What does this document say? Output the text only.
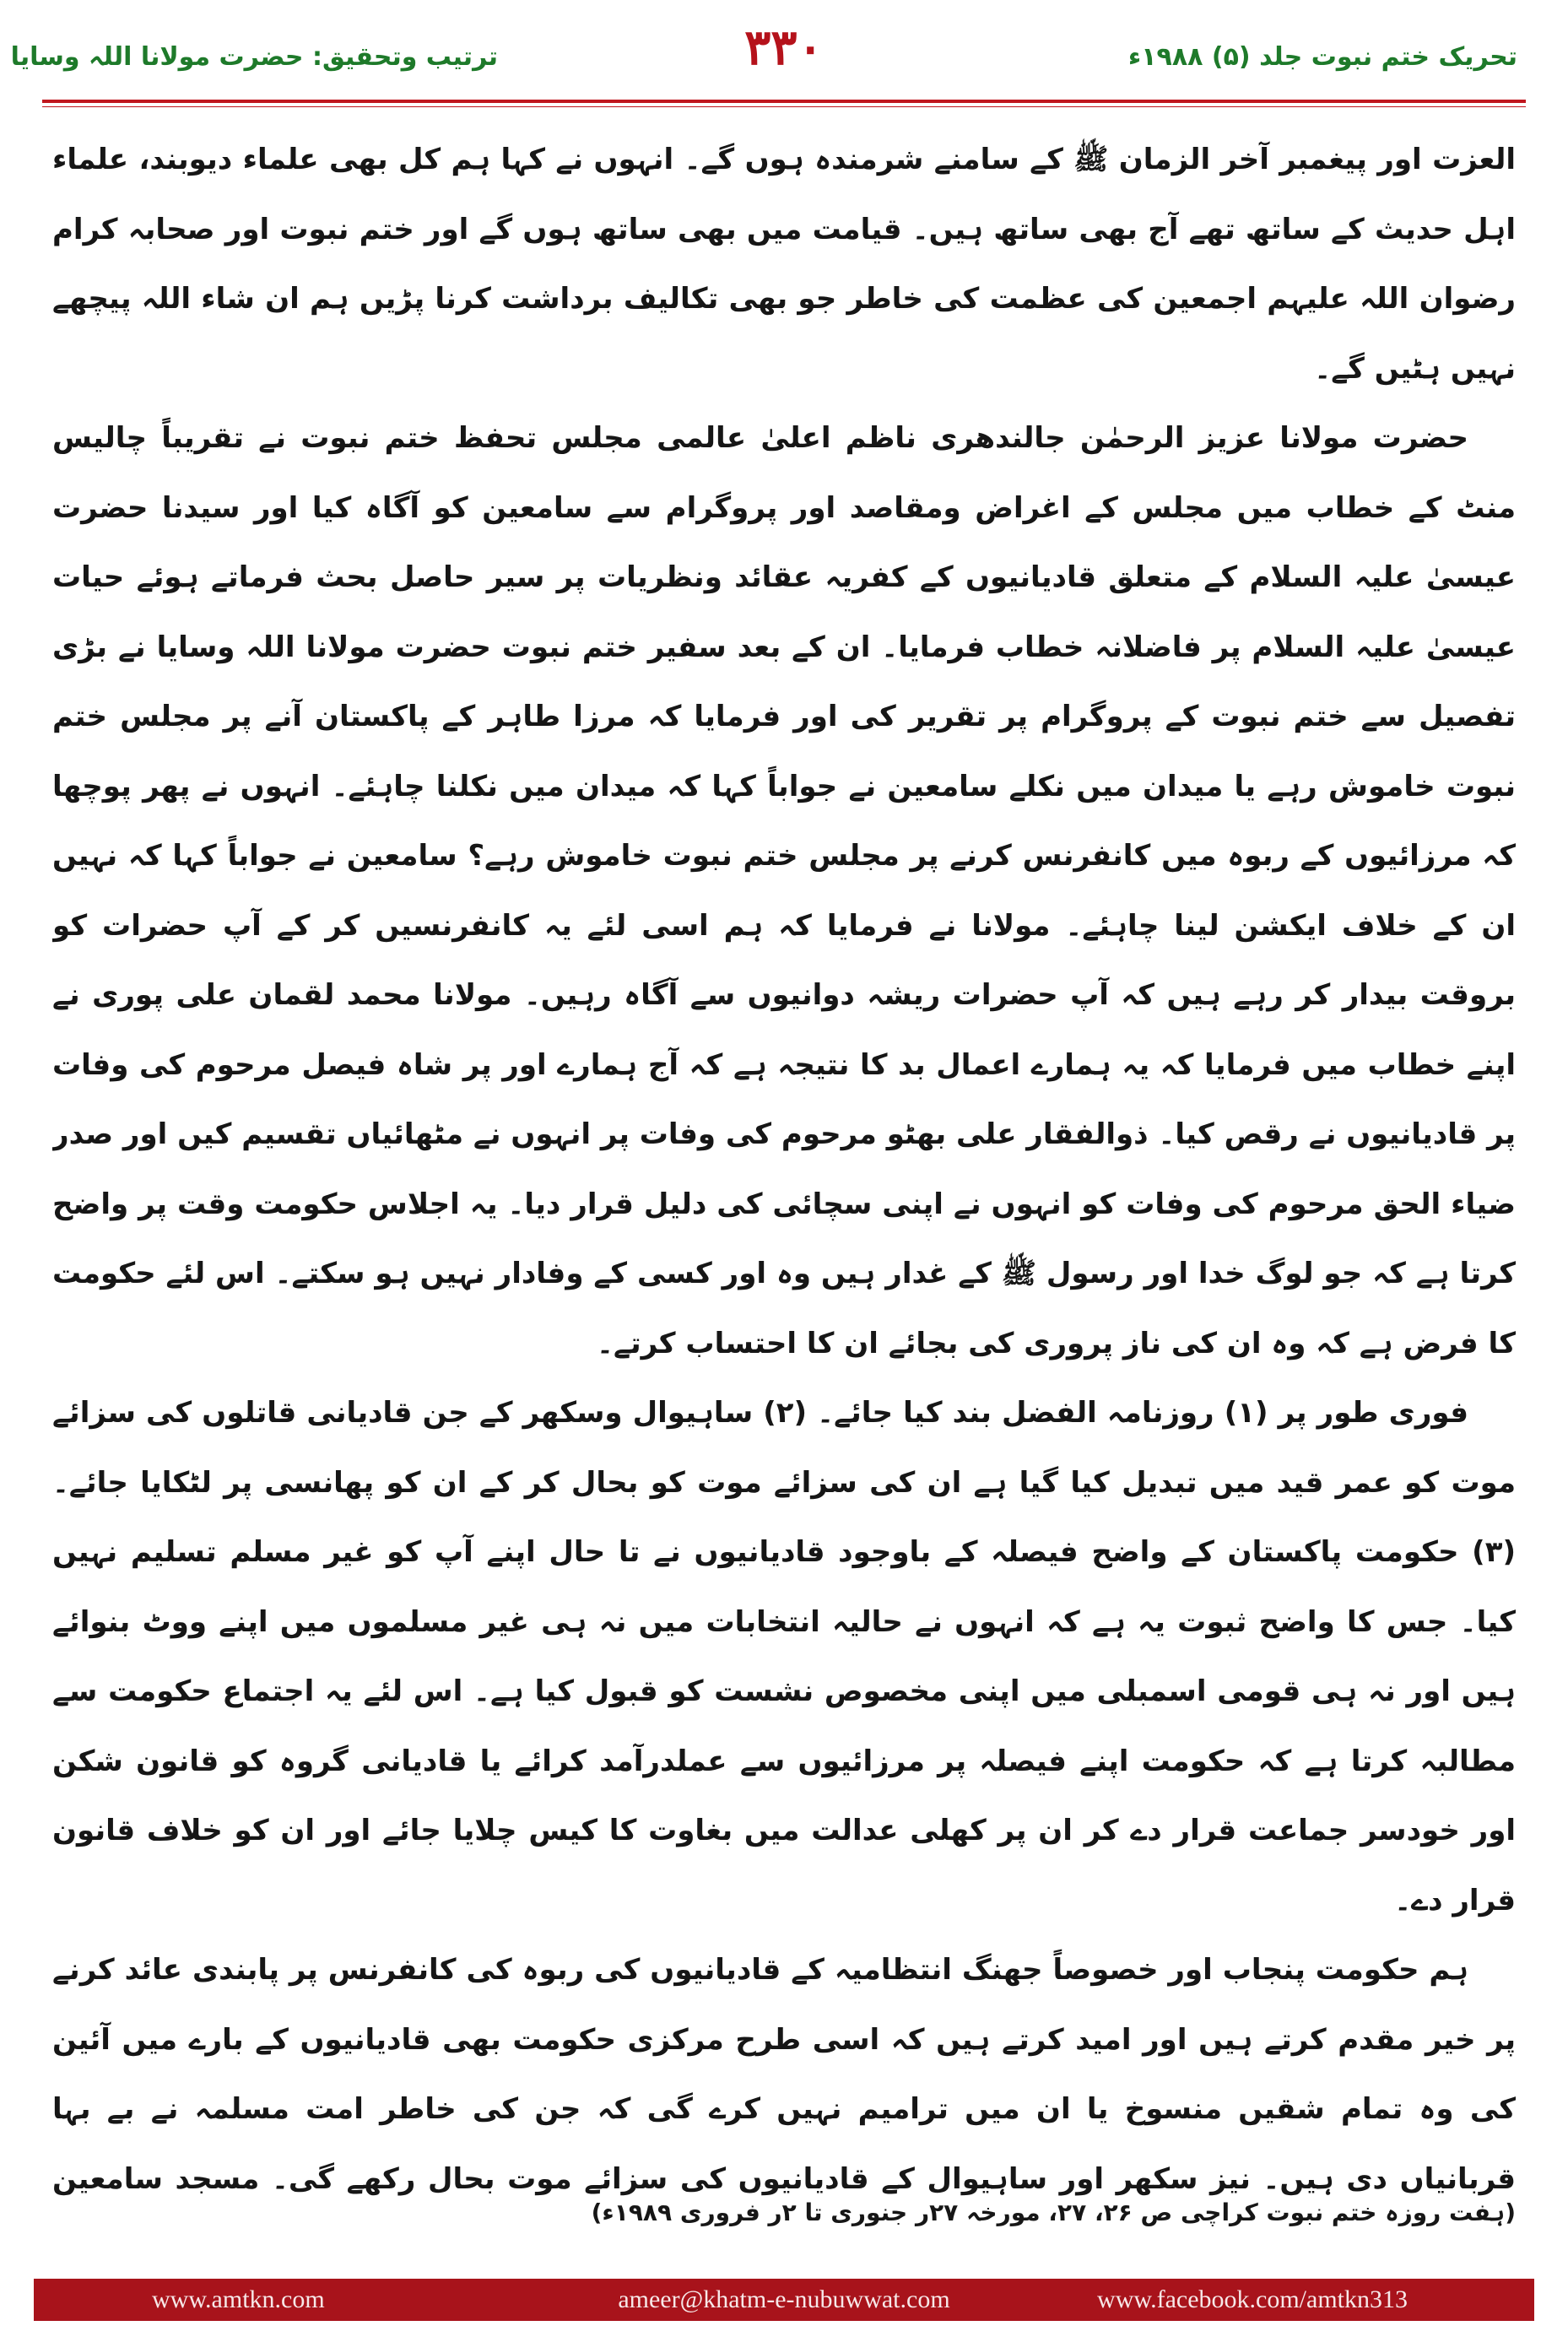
تحریک ختم نبوت جلد (۵) ۱۹۸۸ء
۳۳۰
ترتیب وتحقیق: حضرت مولانا اللہ وسایا

العزت اور پیغمبر آخر الزمان ﷺ کے سامنے شرمندہ ہوں گے۔ انہوں نے کہا ہم کل بھی علماء دیوبند، علماء اہل حدیث کے ساتھ تھے آج بھی ساتھ ہیں۔ قیامت میں بھی ساتھ ہوں گے اور ختم نبوت اور صحابہ کرام رضوان اللہ علیہم اجمعین کی عظمت کی خاطر جو بھی تکالیف برداشت کرنا پڑیں ہم ان شاء اللہ پیچھے نہیں ہٹیں گے۔

حضرت مولانا عزیز الرحمٰن جالندھری ناظم اعلیٰ عالمی مجلس تحفظ ختم نبوت نے تقریباً چالیس منٹ کے خطاب میں مجلس کے اغراض ومقاصد اور پروگرام سے سامعین کو آگاہ کیا اور سیدنا حضرت عیسیٰ علیہ السلام کے متعلق قادیانیوں کے کفریہ عقائد ونظریات پر سیر حاصل بحث فرماتے ہوئے حیات عیسیٰ علیہ السلام پر فاضلانہ خطاب فرمایا۔ ان کے بعد سفیر ختم نبوت حضرت مولانا اللہ وسایا نے بڑی تفصیل سے ختم نبوت کے پروگرام پر تقریر کی اور فرمایا کہ مرزا طاہر کے پاکستان آنے پر مجلس ختم نبوت خاموش رہے یا میدان میں نکلے سامعین نے جواباً کہا کہ میدان میں نکلنا چاہئے۔ انہوں نے پھر پوچھا کہ مرزائیوں کے ربوہ میں کانفرنس کرنے پر مجلس ختم نبوت خاموش رہے؟ سامعین نے جواباً کہا کہ نہیں ان کے خلاف ایکشن لینا چاہئے۔ مولانا نے فرمایا کہ ہم اسی لئے یہ کانفرنسیں کر کے آپ حضرات کو بروقت بیدار کر رہے ہیں کہ آپ حضرات ریشہ دوانیوں سے آگاہ رہیں۔ مولانا محمد لقمان علی پوری نے اپنے خطاب میں فرمایا کہ یہ ہمارے اعمال بد کا نتیجہ ہے کہ آج ہمارے اور پر شاہ فیصل مرحوم کی وفات پر قادیانیوں نے رقص کیا۔ ذوالفقار علی بھٹو مرحوم کی وفات پر انہوں نے مٹھائیاں تقسیم کیں اور صدر ضیاء الحق مرحوم کی وفات کو انہوں نے اپنی سچائی کی دلیل قرار دیا۔ یہ اجلاس حکومت وقت پر واضح کرتا ہے کہ جو لوگ خدا اور رسول ﷺ کے غدار ہیں وہ اور کسی کے وفادار نہیں ہو سکتے۔ اس لئے حکومت کا فرض ہے کہ وہ ان کی ناز پروری کی بجائے ان کا احتساب کرتے۔

فوری طور پر (۱) روزنامہ الفضل بند کیا جائے۔ (۲) ساہیوال وسکھر کے جن قادیانی قاتلوں کی سزائے موت کو عمر قید میں تبدیل کیا گیا ہے ان کی سزائے موت کو بحال کر کے ان کو پھانسی پر لٹکایا جائے۔ (۳) حکومت پاکستان کے واضح فیصلہ کے باوجود قادیانیوں نے تا حال اپنے آپ کو غیر مسلم تسلیم نہیں کیا۔ جس کا واضح ثبوت یہ ہے کہ انہوں نے حالیہ انتخابات میں نہ ہی غیر مسلموں میں اپنے ووٹ بنوائے ہیں اور نہ ہی قومی اسمبلی میں اپنی مخصوص نشست کو قبول کیا ہے۔ اس لئے یہ اجتماع حکومت سے مطالبہ کرتا ہے کہ حکومت اپنے فیصلہ پر مرزائیوں سے عملدرآمد کرائے یا قادیانی گروہ کو قانون شکن اور خودسر جماعت قرار دے کر ان پر کھلی عدالت میں بغاوت کا کیس چلایا جائے اور ان کو خلاف قانون قرار دے۔

ہم حکومت پنجاب اور خصوصاً جھنگ انتظامیہ کے قادیانیوں کی ربوہ کی کانفرنس پر پابندی عائد کرنے پر خیر مقدم کرتے ہیں اور امید کرتے ہیں کہ اسی طرح مرکزی حکومت بھی قادیانیوں کے بارے میں آئین کی وہ تمام شقیں منسوخ یا ان میں ترامیم نہیں کرے گی کہ جن کی خاطر امت مسلمہ نے بے بہا قربانیاں دی ہیں۔ نیز سکھر اور ساہیوال کے قادیانیوں کی سزائے موت بحال رکھے گی۔ مسجد سامعین

(ہفت روزہ ختم نبوت کراچی ص ۲۶، ۲۷، مورخہ ۲۷ر جنوری تا ۲ر فروری ۱۹۸۹ء)
www.amtkn.com	ameer@khatm-e-nubuwwat.com	www.facebook.com/amtkn313
